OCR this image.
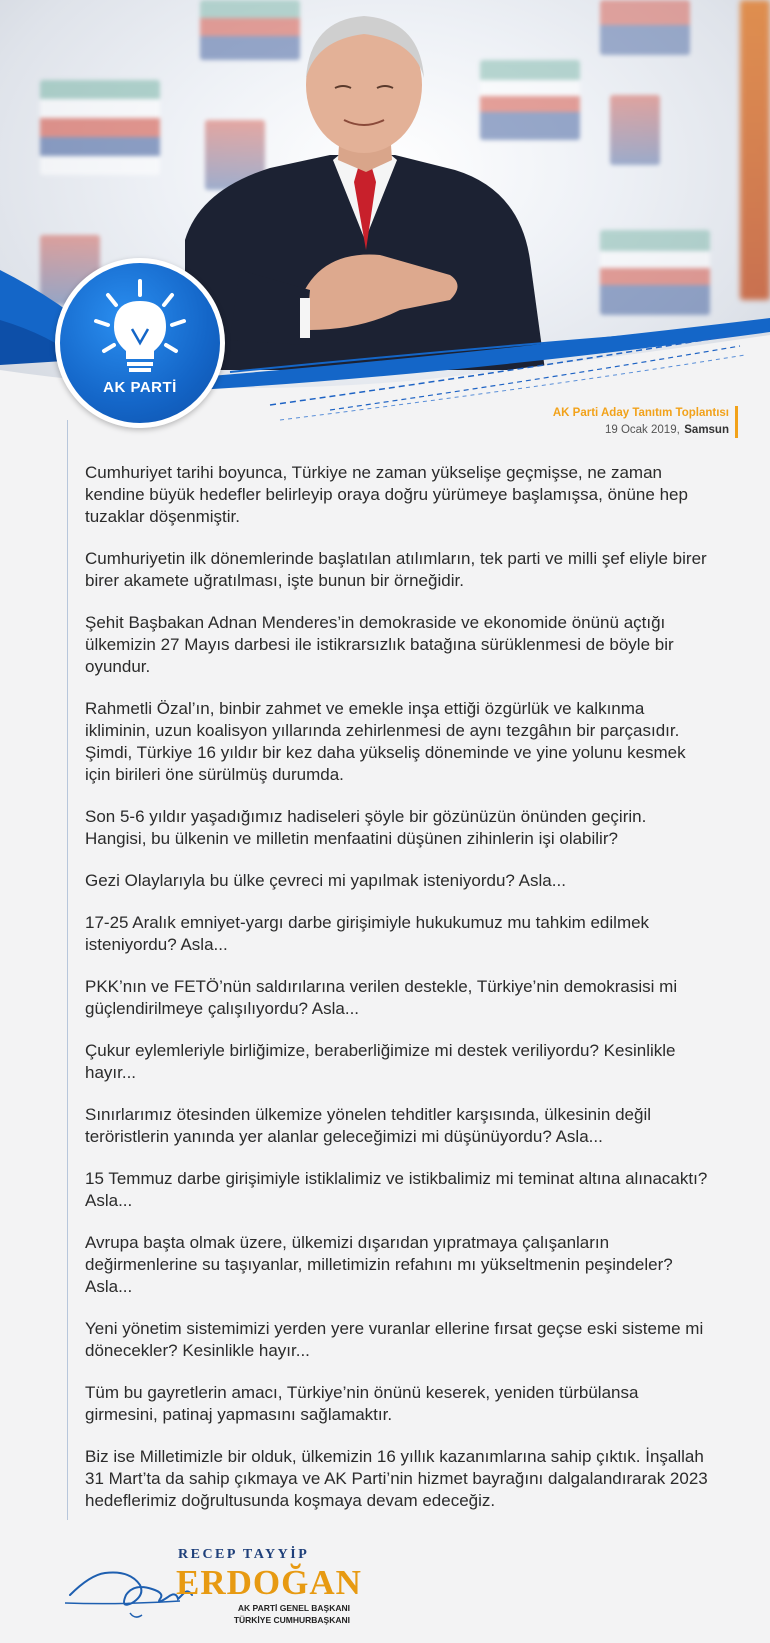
AK PARTİ
AK Parti Aday Tanıtım Toplantısı
19 Ocak 2019, Samsun

Cumhuriyet tarihi boyunca, Türkiye ne zaman yükselişe geçmişse, ne zaman kendine büyük hedefler belirleyip oraya doğru yürümeye başlamışsa, önüne hep tuzaklar döşenmiştir.

Cumhuriyetin ilk dönemlerinde başlatılan atılımların, tek parti ve milli şef eliyle birer birer akamete uğratılması, işte bunun bir örneğidir.

Şehit Başbakan Adnan Menderes’in demokraside ve ekonomide önünü açtığı ülkemizin 27 Mayıs darbesi ile istikrarsızlık batağına sürüklenmesi de böyle bir oyundur.

Rahmetli Özal’ın, binbir zahmet ve emekle inşa ettiği özgürlük ve kalkınma ikliminin, uzun koalisyon yıllarında zehirlenmesi de aynı tezgâhın bir parçasıdır. Şimdi, Türkiye 16 yıldır bir kez daha yükseliş döneminde ve yine yolunu kesmek için birileri öne sürülmüş durumda.

Son 5-6 yıldır yaşadığımız hadiseleri şöyle bir gözünüzün önünden geçirin. Hangisi, bu ülkenin ve milletin menfaatini düşünen zihinlerin işi olabilir?

Gezi Olaylarıyla bu ülke çevreci mi yapılmak isteniyordu? Asla...

17-25 Aralık emniyet-yargı darbe girişimiyle hukukumuz mu tahkim edilmek isteniyordu? Asla...

PKK’nın ve FETÖ’nün saldırılarına verilen destekle, Türkiye’nin demokrasisi mi güçlendirilmeye çalışılıyordu? Asla...

Çukur eylemleriyle birliğimize, beraberliğimize mi destek veriliyordu? Kesinlikle hayır...

Sınırlarımız ötesinden ülkemize yönelen tehditler karşısında, ülkesinin değil teröristlerin yanında yer alanlar geleceğimizi mi düşünüyordu? Asla...

15 Temmuz darbe girişimiyle istiklalimiz ve istikbalimiz mi teminat altına alınacaktı? Asla...

Avrupa başta olmak üzere, ülkemizi dışarıdan yıpratmaya çalışanların değirmenlerine su taşıyanlar, milletimizin refahını mı yükseltmenin peşindeler? Asla...

Yeni yönetim sistemimizi yerden yere vuranlar ellerine fırsat geçse eski sisteme mi dönecekler? Kesinlikle hayır...

Tüm bu gayretlerin amacı, Türkiye’nin önünü keserek, yeniden türbülansa girmesini, patinaj yapmasını sağlamaktır.

Biz ise Milletimizle bir olduk, ülkemizin 16 yıllık kazanımlarına sahip çıktık. İnşallah 31 Mart’ta da sahip çıkmaya ve AK Parti’nin hizmet bayrağını dalgalandırarak 2023 hedeflerimiz doğrultusunda koşmaya devam edeceğiz.

RECEP TAYYİP
ERDOĞAN
AK PARTİ GENEL BAŞKANI
TÜRKİYE CUMHURBAŞKANI
